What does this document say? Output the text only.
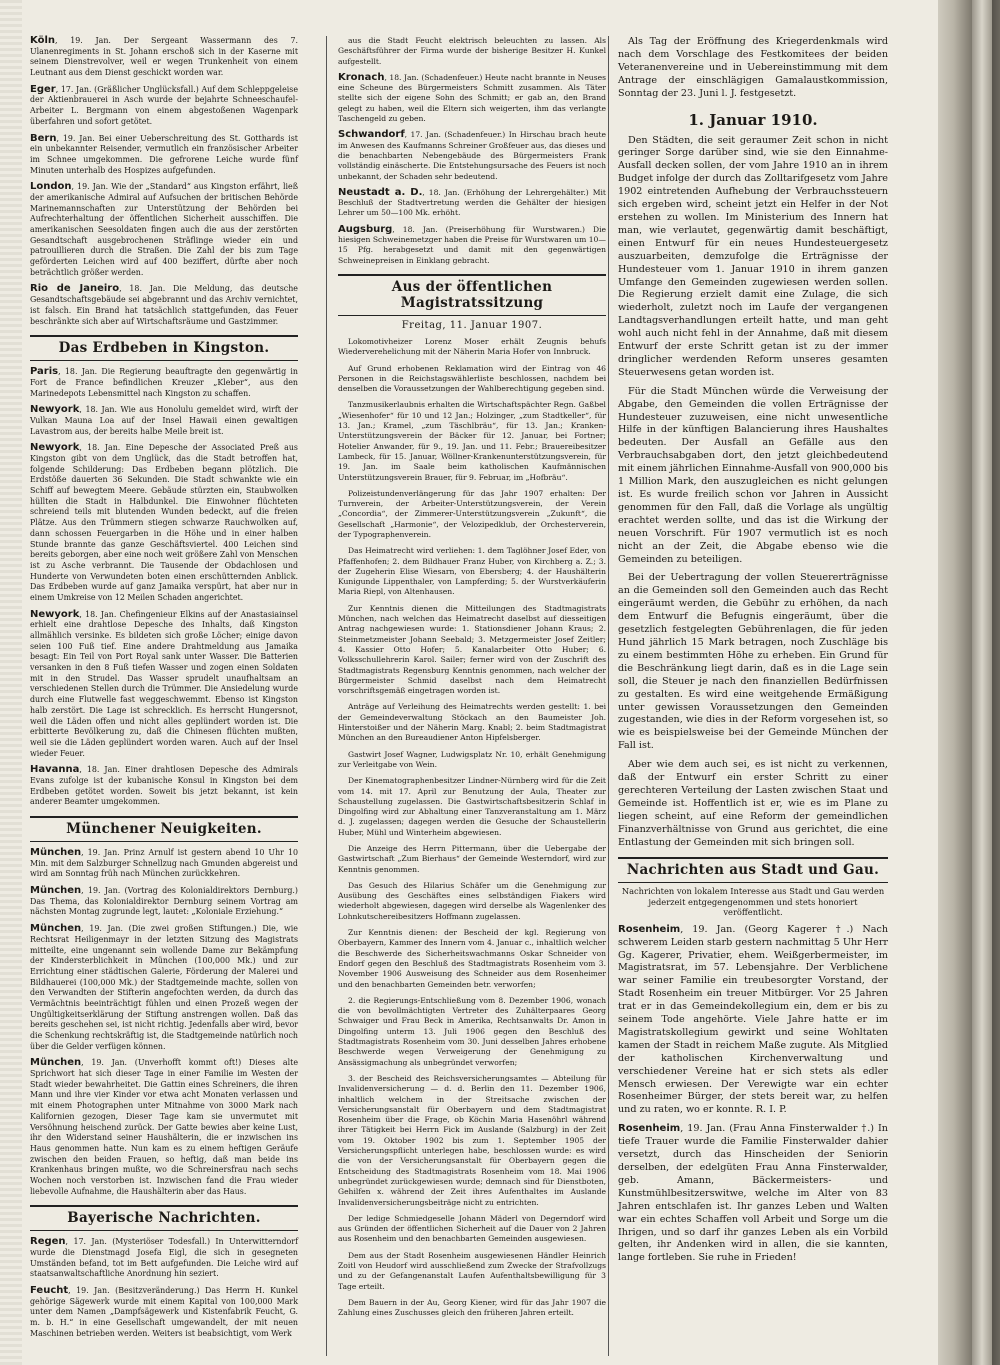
Köln, 19. Jan. Der Sergeant Wassermann des 7. Ulanenregiments in St. Johann erschoß sich in der Kaserne mit seinem Dienstrevolver, weil er wegen Trunkenheit von einem Leutnant aus dem Dienst geschickt worden war.

Eger, 17. Jan. (Gräßlicher Unglücksfall.) Auf dem Schleppgeleise der Aktienbrauerei in Asch wurde der bejahrte Schneeschaufel-Arbeiter L. Bergmann von einem abgestoßenen Wagenpark überfahren und sofort getötet.

Bern, 19. Jan. Bei einer Ueberschreitung des St. Gotthards ist ein unbekannter Reisender, vermutlich ein französischer Arbeiter im Schnee umgekommen. Die gefrorene Leiche wurde fünf Minuten unterhalb des Hospizes aufgefunden.

London, 19. Jan. Wie der „Standard“ aus Kingston erfährt, ließ der amerikanische Admiral auf Aufsuchen der britischen Behörde Marinemannschaften zur Unterstützung der Behörden bei Aufrechterhaltung der öffentlichen Sicherheit ausschiffen. Die amerikanischen Seesoldaten fingen auch die aus der zerstörten Gesandtschaft ausgebrochenen Sträflinge wieder ein und patrouillieren durch die Straßen. Die Zahl der bis zum Tage geförderten Leichen wird auf 400 beziffert, dürfte aber noch beträchtlich größer werden.

Rio de Janeiro, 18. Jan. Die Meldung, das deutsche Gesandtschaftsgebäude sei abgebrannt und das Archiv vernichtet, ist falsch. Ein Brand hat tatsächlich stattgefunden, das Feuer beschränkte sich aber auf Wirtschaftsräume und Gastzimmer.

Das Erdbeben in Kingston.

Paris, 18. Jan. Die Regierung beauftragte den gegenwärtig in Fort de France befindlichen Kreuzer „Kleber“, aus den Marinedepots Lebensmittel nach Kingston zu schaffen.

Newyork, 18. Jan. Wie aus Honolulu gemeldet wird, wirft der Vulkan Mauna Loa auf der Insel Hawaii einen gewaltigen Lavastrom aus, der bereits halbe Meile breit ist.

Newyork, 18. Jan. Eine Depesche der Associated Preß aus Kingston gibt von dem Unglück, das die Stadt betroffen hat, folgende Schilderung: Das Erdbeben begann plötzlich. Die Erdstöße dauerten 36 Sekunden. Die Stadt schwankte wie ein Schiff auf bewegtem Meere. Gebäude stürzten ein, Staubwolken hüllten die Stadt in Halbdunkel. Die Einwohner flüchteten schreiend teils mit blutenden Wunden bedeckt, auf die freien Plätze. Aus den Trümmern stiegen schwarze Rauchwolken auf, dann schossen Feuergarben in die Höhe und in einer halben Stunde brannte das ganze Geschäftsviertel. 400 Leichen sind bereits geborgen, aber eine noch weit größere Zahl von Menschen ist zu Asche verbrannt. Die Tausende der Obdachlosen und Hunderte von Verwundeten boten einen erschütternden Anblick. Das Erdbeben wurde auf ganz Jamaika verspürt, hat aber nur in einem Umkreise von 12 Meilen Schaden angerichtet.

Newyork, 18. Jan. Chefingenieur Elkins auf der Anastasiainsel erhielt eine drahtlose Depesche des Inhalts, daß Kingston allmählich versinke. Es bildeten sich große Löcher; einige davon seien 100 Fuß tief. Eine andere Drahtmeldung aus Jamaika besagt: Ein Teil von Port Royal sank unter Wasser. Die Batterien versanken in den 8 Fuß tiefen Wasser und zogen einen Soldaten mit in den Strudel. Das Wasser sprudelt unaufhaltsam an verschiedenen Stellen durch die Trümmer. Die Ansiedelung wurde durch eine Flutwelle fast weggeschwemmt. Ebenso ist Kingston halb zerstört. Die Lage ist schrecklich. Es herrscht Hungersnot, weil die Läden offen und nicht alles geplündert worden ist. Die erbitterte Bevölkerung zu, daß die Chinesen flüchten mußten, weil sie die Läden geplündert worden waren. Auch auf der Insel wieder Feuer.

Havanna, 18. Jan. Einer drahtlosen Depesche des Admirals Evans zufolge ist der kubanische Konsul in Kingston bei dem Erdbeben getötet worden. Soweit bis jetzt bekannt, ist kein anderer Beamter umgekommen.

Münchener Neuigkeiten.

München, 19. Jan. Prinz Arnulf ist gestern abend 10 Uhr 10 Min. mit dem Salzburger Schnellzug nach Gmunden abgereist und wird am Sonntag früh nach München zurückkehren.

München, 19. Jan. (Vortrag des Kolonialdirektors Dernburg.) Das Thema, das Kolonialdirektor Dernburg seinem Vortrag am nächsten Montag zugrunde legt, lautet: „Koloniale Erziehung.“

München, 19. Jan. (Die zwei großen Stiftungen.) Die, wie Rechtsrat Heiligenmayr in der letzten Sitzung des Magistrats mitteilte, eine ungenannt sein wollende Dame zur Bekämpfung der Kindersterblichkeit in München (100,000 Mk.) und zur Errichtung einer städtischen Galerie, Förderung der Malerei und Bildhauerei (100,000 Mk.) der Stadtgemeinde machte, sollen von den Verwandten der Stifterin angefochten werden, da durch das Vermächtnis beeinträchtigt fühlen und einen Prozeß wegen der Ungültigkeitserklärung der Stiftung anstrengen wollen. Daß das bereits geschehen sei, ist nicht richtig. Jedenfalls aber wird, bevor die Schenkung rechtskräftig ist, die Stadtgemeinde natürlich noch über die Gelder verfügen können.

München, 19. Jan. (Unverhofft kommt oft!) Dieses alte Sprichwort hat sich dieser Tage in einer Familie im Westen der Stadt wieder bewahrheitet. Die Gattin eines Schreiners, die ihren Mann und ihre vier Kinder vor etwa acht Monaten verlassen und mit einem Photographen unter Mitnahme von 3000 Mark nach Kalifornien gezogen, Dieser Tage kam sie unvermutet mit Versöhnung heischend zurück. Der Gatte bewies aber keine Lust, ihr den Widerstand seiner Haushälterin, die er inzwischen ins Haus genommen hatte. Nun kam es zu einem heftigen Geräufe zwischen den beiden Frauen, so heftig, daß man beide ins Krankenhaus bringen mußte, wo die Schreinersfrau nach sechs Wochen noch verstorben ist. Inzwischen fand die Frau wieder liebevolle Aufnahme, die Haushälterin aber das Haus.

Bayerische Nachrichten.

Regen, 17. Jan. (Mysteriöser Todesfall.) In Unterwitterndorf wurde die Dienstmagd Josefa Eigl, die sich in gesegneten Umständen befand, tot im Bett aufgefunden. Die Leiche wird auf staatsanwaltschaftliche Anordnung hin seziert.

Feucht, 19. Jan. (Besitzveränderung.) Das Herrn H. Kunkel gehörige Sägewerk wurde mit einem Kapital von 100,000 Mark unter dem Namen „Dampfsägewerk und Kistenfabrik Feucht, G. m. b. H.“ in eine Gesellschaft umgewandelt, der mit neuen Maschinen betrieben werden. Weiters ist beabsichtigt, vom Werk

aus die Stadt Feucht elektrisch beleuchten zu lassen. Als Geschäftsführer der Firma wurde der bisherige Besitzer H. Kunkel aufgestellt.

Kronach, 18. Jan. (Schadenfeuer.) Heute nacht brannte in Neuses eine Scheune des Bürgermeisters Schmitt zusammen. Als Täter stellte sich der eigene Sohn des Schmitt; er gab an, den Brand gelegt zu haben, weil die Eltern sich weigerten, ihm das verlangte Taschengeld zu geben.

Schwandorf, 17. Jan. (Schadenfeuer.) In Hirschau brach heute im Anwesen des Kaufmanns Schreiner Großfeuer aus, das dieses und die benachbarten Nebengebäude des Bürgermeisters Frank vollständig einäscherte. Die Entstehungsursache des Feuers ist noch unbekannt, der Schaden sehr bedeutend.

Neustadt a. D., 18. Jan. (Erhöhung der Lehrergehälter.) Mit Beschluß der Stadtvertretung werden die Gehälter der hiesigen Lehrer um 50—100 Mk. erhöht.

Augsburg, 18. Jan. (Preiserhöhung für Wurstwaren.) Die hiesigen Schweinemetzger haben die Preise für Wurstwaren um 10—15 Pfg. herabgesetzt und damit mit den gegenwärtigen Schweinepreisen in Einklang gebracht.

Aus der öffentlichen Magistratssitzung
Freitag, 11. Januar 1907.

Lokomotivheizer Lorenz Moser erhält Zeugnis behufs Wiederverehelichung mit der Näherin Maria Hofer von Innbruck.

Auf Grund erhobenen Reklamation wird der Eintrag von 46 Personen in die Reichstagswählerliste beschlossen, nachdem bei denselben die Voraussetzungen der Wahlberechtigung gegeben sind.

Tanzmusikerlaubnis erhalten die Wirtschaftspächter Regn. Gaßbel „Wiesenhofer“ für 10 und 12 Jan.; Holzinger, „zum Stadtkeller“, für 13. Jan.; Kramel, „zum Täschlbräu“, für 13. Jan.; Kranken-Unterstützungsverein der Bäcker für 12. Januar, bei Fortner; Hotelier Anwander, für 9., 19. Jan. und 11. Febr.; Brauereibesitzer Lambeck, für 15. Januar, Wöllner-Krankenunterstützungsverein, für 19. Jan. im Saale beim katholischen Kaufmännischen Unterstützungsverein Brauer, für 9. Februar, im „Hofbräu“.

Polizeistundenverlängerung für das Jahr 1907 erhalten: Der Turnverein, der Arbeiter-Unterstützungsverein, der Verein „Concordia“, der Zimmerer-Unterstützungsverein „Zukunft“, die Gesellschaft „Harmonie“, der Velozipedklub, der Orchesterverein, der Typographenverein.

Das Heimatrecht wird verliehen: 1. dem Taglöhner Josef Eder, von Pfaffenhofen; 2. dem Bildhauer Franz Huber, von Kirchberg a. Z.; 3. der Zugeherin Elise Wiesarn, von Ebersberg; 4. der Haushälterin Kunigunde Lippenthaler, von Lampferding; 5. der Wurstverkäuferin Maria Riepl, von Altenhausen.

Zur Kenntnis dienen die Mitteilungen des Stadtmagistrats München, nach welchen das Heimatrecht daselbst auf diesseitigen Antrag nachgewiesen wurde: 1. Stationsdiener Johann Kraus; 2. Steinmetzmeister Johann Seebald; 3. Metzgermeister Josef Zeitler; 4. Kassier Otto Hofer; 5. Kanalarbeiter Otto Huber; 6. Volksschullehrerin Karol. Sailer; ferner wird von der Zuschrift des Stadtmagistrats Regensburg Kenntnis genommen, nach welcher der Bürgermeister Schmid daselbst nach dem Heimatrecht vorschriftsgemäß eingetragen worden ist.

Anträge auf Verleihung des Heimatrechts werden gestellt: 1. bei der Gemeindeverwaltung Stöckach an den Baumeister Joh. Hinterstoißer und der Näherin Marg. Knabl; 2. beim Stadtmagistrat München an den Bureaudiener Anton Hipfelsberger.

Gastwirt Josef Wagner, Ludwigsplatz Nr. 10, erhält Genehmigung zur Verleitgabe von Wein.

Der Kinematographenbesitzer Lindner-Nürnberg wird für die Zeit vom 14. mit 17. April zur Benutzung der Aula, Theater zur Schaustellung zugelassen. Die Gastwirtschaftsbesitzerin Schlaf in Dingolfing wird zur Abhaltung einer Tanzveranstaltung am 1. März d. J. zugelassen; dagegen werden die Gesuche der Schaustellerin Huber, Mühl und Winterheim abgewiesen.

Die Anzeige des Herrn Pittermann, über die Uebergabe der Gastwirtschaft „Zum Bierhaus“ der Gemeinde Westerndorf, wird zur Kenntnis genommen.

Das Gesuch des Hilarius Schäfer um die Genehmigung zur Ausübung des Geschäftes eines selbständigen Fiakers wird wiederholt abgewiesen, dagegen wird derselbe als Wagenlenker des Lohnkutschereibesitzers Hoffmann zugelassen.

Zur Kenntnis dienen: der Bescheid der kgl. Regierung von Oberbayern, Kammer des Innern vom 4. Januar c., inhaltlich welcher die Beschwerde des Sicherheitswachmanns Oskar Schneider von Endorf gegen den Beschluß des Stadtmagistrats Rosenheim vom 3. November 1906 Ausweisung des Schneider aus dem Rosenheimer und den benachbarten Gemeinden betr. verworfen;

2. die Regierungs-Entschließung vom 8. Dezember 1906, wonach die von bevollmächtigten Vertreter des Zuhälterpaares Georg Schwaiger und Frau Beck in Amerika, Rechtsanwalts Dr. Amon in Dingolfing unterm 13. Juli 1906 gegen den Beschluß des Stadtmagistrats Rosenheim vom 30. Juni desselben Jahres erhobene Beschwerde wegen Verweigerung der Genehmigung zu Ansässigmachung als unbegründet verworfen;

3. der Bescheid des Reichsversicherungsamtes — Abteilung für Invalidenversicherung — d. d. Berlin den 11. Dezember 1906, inhaltlich welchem in der Streitsache zwischen der Versicherungsanstalt für Oberbayern und dem Stadtmagistrat Rosenheim über die Frage, ob Köchin Maria Hasenöhrl während ihrer Tätigkeit bei Herrn Fick im Auslande (Salzburg) in der Zeit vom 19. Oktober 1902 bis zum 1. September 1905 der Versicherungspflicht unterlegen habe, beschlossen wurde: es wird die von der Versicherungsanstalt für Oberbayern gegen die Entscheidung des Stadtmagistrats Rosenheim vom 18. Mai 1906 unbegründet zurückgewiesen wurde; demnach sind für Dienstboten, Gehilfen x. während der Zeit ihres Aufenthaltes im Auslande Invalidenversicherungsbeiträge nicht zu entrichten.

Der ledige Schmiedgeselle Johann Mäderl von Degerndorf wird aus Gründen der öffentlichen Sicherheit auf die Dauer von 2 Jahren aus Rosenheim und den benachbarten Gemeinden ausgewiesen.

Dem aus der Stadt Rosenheim ausgewiesenen Händler Heinrich Zoitl von Heudorf wird ausschließend zum Zwecke der Strafvollzugs und zu der Gefangenanstalt Laufen Aufenthaltsbewilligung für 3 Tage erteilt.

Dem Bauern in der Au, Georg Kiener, wird für das Jahr 1907 die Zahlung eines Zuschusses gleich den früheren Jahren erteilt.

Als Tag der Eröffnung des Kriegerdenkmals wird nach dem Vorschlage des Festkomitees der beiden Veteranenvereine und in Uebereinstimmung mit dem Antrage der einschlägigen Gamalaustkommission, Sonntag der 23. Juni l. J. festgesetzt.

1. Januar 1910.

Den Städten, die seit geraumer Zeit schon in nicht geringer Sorge darüber sind, wie sie den Einnahme-Ausfall decken sollen, der vom Jahre 1910 an in ihrem Budget infolge der durch das Zolltarifgesetz vom Jahre 1902 eintretenden Aufhebung der Verbrauchssteuern sich ergeben wird, scheint jetzt ein Helfer in der Not erstehen zu wollen. Im Ministerium des Innern hat man, wie verlautet, gegenwärtig damit beschäftigt, einen Entwurf für ein neues Hundesteuergesetz auszuarbeiten, demzufolge die Erträgnisse der Hundesteuer vom 1. Januar 1910 in ihrem ganzen Umfange den Gemeinden zugewiesen werden sollen. Die Regierung erzielt damit eine Zulage, die sich wiederholt, zuletzt noch im Laufe der vergangenen Landtagsverhandlungen erteilt hatte, und man geht wohl auch nicht fehl in der Annahme, daß mit diesem Entwurf der erste Schritt getan ist zu der immer dringlicher werdenden Reform unseres gesamten Steuerwesens getan worden ist.

Für die Stadt München würde die Verweisung der Abgabe, den Gemeinden die vollen Erträgnisse der Hundesteuer zuzuweisen, eine nicht unwesentliche Hilfe in der künftigen Balancierung ihres Haushaltes bedeuten. Der Ausfall an Gefälle aus den Verbrauchsabgaben dort, den jetzt gleichbedeutend mit einem jährlichen Einnahme-Ausfall von 900,000 bis 1 Million Mark, den auszugleichen es nicht gelungen ist. Es wurde freilich schon vor Jahren in Aussicht genommen für den Fall, daß die Vorlage als ungültig erachtet werden sollte, und das ist die Wirkung der neuen Vorschrift. Für 1907 vermutlich ist es noch nicht an der Zeit, die Abgabe ebenso wie die Gemeinden zu beteiligen.

Bei der Uebertragung der vollen Steuererträgnisse an die Gemeinden soll den Gemeinden auch das Recht eingeräumt werden, die Gebühr zu erhöhen, da nach dem Entwurf die Befugnis eingeräumt, über die gesetzlich festgelegten Gebührenlagen, die für jeden Hund jährlich 15 Mark betragen, noch Zuschläge bis zu einem bestimmten Höhe zu erheben. Ein Grund für die Beschränkung liegt darin, daß es in die Lage sein soll, die Steuer je nach den finanziellen Bedürfnissen zu gestalten. Es wird eine weitgehende Ermäßigung unter gewissen Voraussetzungen den Gemeinden zugestanden, wie dies in der Reform vorgesehen ist, so wie es beispielsweise bei der Gemeinde München der Fall ist.

Aber wie dem auch sei, es ist nicht zu verkennen, daß der Entwurf ein erster Schritt zu einer gerechteren Verteilung der Lasten zwischen Staat und Gemeinde ist. Hoffentlich ist er, wie es im Plane zu liegen scheint, auf eine Reform der gemeindlichen Finanzverhältnisse von Grund aus gerichtet, die eine Entlastung der Gemeinden mit sich bringen soll.

Nachrichten aus Stadt und Gau.
Nachrichten von lokalem Interesse aus Stadt und Gau werden jederzeit entgegengenommen und stets honoriert veröffentlicht.

Rosenheim, 19. Jan. (Georg Kagerer †.) Nach schwerem Leiden starb gestern nachmittag 5 Uhr Herr Gg. Kagerer, Privatier, ehem. Weißgerbermeister, im Magistratsrat, im 57. Lebensjahre. Der Verblichene war seiner Familie ein treubesorgter Vorstand, der Stadt Rosenheim ein treuer Mitbürger. Vor 25 Jahren trat er in das Gemeindekollegium ein, dem er bis zu seinem Tode angehörte. Viele Jahre hatte er im Magistratskollegium gewirkt und seine Wohltaten kamen der Stadt in reichem Maße zugute. Als Mitglied der katholischen Kirchenverwaltung und verschiedener Vereine hat er sich stets als edler Mensch erwiesen. Der Verewigte war ein echter Rosenheimer Bürger, der stets bereit war, zu helfen und zu raten, wo er konnte. R. I. P.

Rosenheim, 19. Jan. (Frau Anna Finsterwalder †.) In tiefe Trauer wurde die Familie Finsterwalder dahier versetzt, durch das Hinscheiden der Seniorin derselben, der edelgüten Frau Anna Finsterwalder, geb. Amann, Bäckermeisters- und Kunstmühlbesitzerswitwe, welche im Alter von 83 Jahren entschlafen ist. Ihr ganzes Leben und Walten war ein echtes Schaffen voll Arbeit und Sorge um die Ihrigen, und so darf ihr ganzes Leben als ein Vorbild gelten, ihr Andenken wird in allen, die sie kannten, lange fortleben. Sie ruhe in Frieden!
